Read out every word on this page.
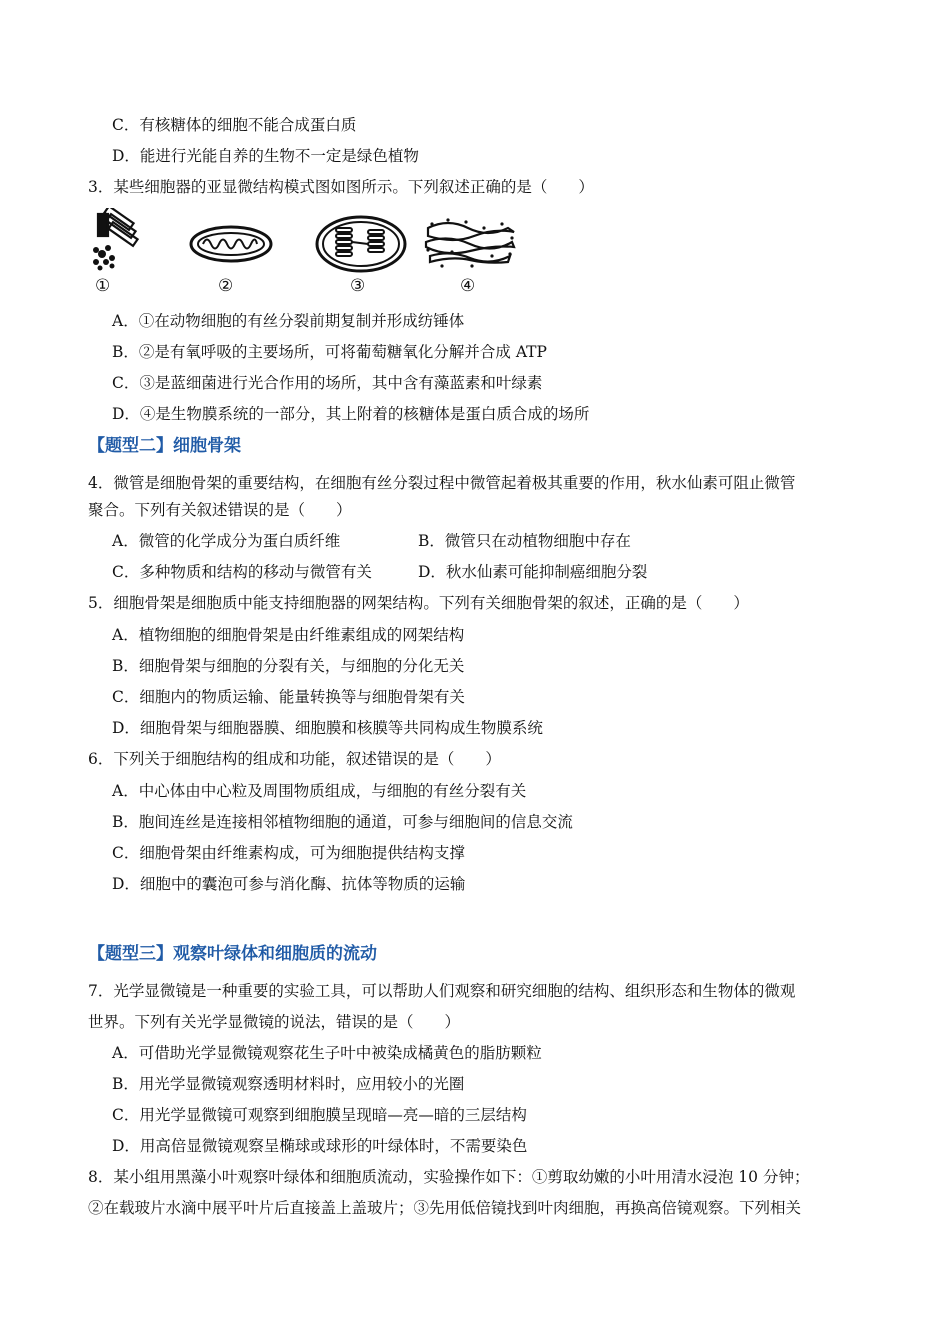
C．有核糖体的细胞不能合成蛋白质
D．能进行光能自养的生物不一定是绿色植物
3．某些细胞器的亚显微结构模式图如图所示。下列叙述正确的是（　　）
①	②	③	④
A．①在动物细胞的有丝分裂前期复制并形成纺锤体
B．②是有氧呼吸的主要场所，可将葡萄糖氧化分解并合成 ATP
C．③是蓝细菌进行光合作用的场所，其中含有藻蓝素和叶绿素
D．④是生物膜系统的一部分，其上附着的核糖体是蛋白质合成的场所
【题型二】细胞骨架
4．微管是细胞骨架的重要结构，在细胞有丝分裂过程中微管起着极其重要的作用，秋水仙素可阻止微管
聚合。下列有关叙述错误的是（　　）
A．微管的化学成分为蛋白质纤维	B．微管只在动植物细胞中存在
C．多种物质和结构的移动与微管有关	D．秋水仙素可能抑制癌细胞分裂
5．细胞骨架是细胞质中能支持细胞器的网架结构。下列有关细胞骨架的叙述，正确的是（　　）
A．植物细胞的细胞骨架是由纤维素组成的网架结构
B．细胞骨架与细胞的分裂有关，与细胞的分化无关
C．细胞内的物质运输、能量转换等与细胞骨架有关
D．细胞骨架与细胞器膜、细胞膜和核膜等共同构成生物膜系统
6．下列关于细胞结构的组成和功能，叙述错误的是（　　）
A．中心体由中心粒及周围物质组成，与细胞的有丝分裂有关
B．胞间连丝是连接相邻植物细胞的通道，可参与细胞间的信息交流
C．细胞骨架由纤维素构成，可为细胞提供结构支撑
D．细胞中的囊泡可参与消化酶、抗体等物质的运输
【题型三】观察叶绿体和细胞质的流动
7．光学显微镜是一种重要的实验工具，可以帮助人们观察和研究细胞的结构、组织形态和生物体的微观
世界。下列有关光学显微镜的说法，错误的是（　　）
A．可借助光学显微镜观察花生子叶中被染成橘黄色的脂肪颗粒
B．用光学显微镜观察透明材料时，应用较小的光圈
C．用光学显微镜可观察到细胞膜呈现暗—亮—暗的三层结构
D．用高倍显微镜观察呈椭球或球形的叶绿体时，不需要染色
8．某小组用黑藻小叶观察叶绿体和细胞质流动，实验操作如下：①剪取幼嫩的小叶用清水浸泡 10 分钟；
②在载玻片水滴中展平叶片后直接盖上盖玻片；③先用低倍镜找到叶肉细胞，再换高倍镜观察。下列相关
